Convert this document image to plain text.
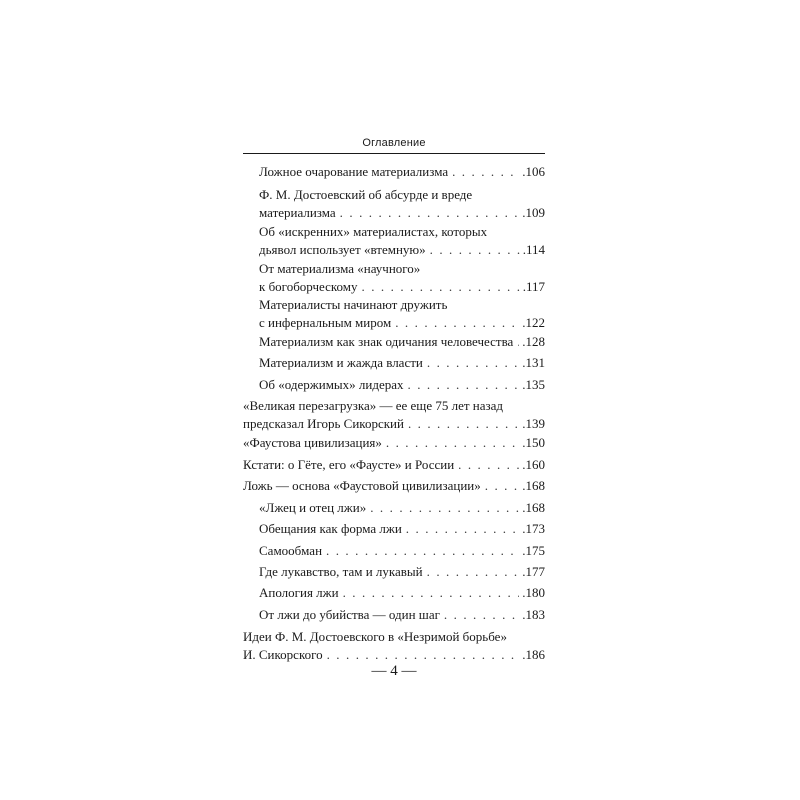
Оглавление
Ложное очарование материализма . . .	.106
Ф. М. Достоевский об абсурде и вреде
материализма . . .	.109
Об «искренних» материалистах, которых
дьявол использует «втемную» . . .	.114
От материализма «научного»
к богоборческому . . .	.117
Материалисты начинают дружить
с инфернальным миром . . .	.122
Материализм как знак одичания человечества . . . .128
Материализм и жажда власти . . .	.131
Об «одержимых» лидерах . . .	.135
«Великая перезагрузка» — ее еще 75 лет назад
предсказал Игорь Сикорский . . .	.139
«Фаустова цивилизация» . . .	.150
Кстати: о Гёте, его «Фаусте» и России . . .	.160
Ложь — основа «Фаустовой цивилизации» . . .	.168
«Лжец и отец лжи» . . .	.168
Обещания как форма лжи . . .	.173
Самообман . . .	.175
Где лукавство, там и лукавый . . .	.177
Апология лжи . . .	.180
От лжи до убийства — один шаг . . .	.183
Идеи Ф. М. Достоевского в «Незримой борьбе»
И. Сикорского . . .	.186
— 4 —
